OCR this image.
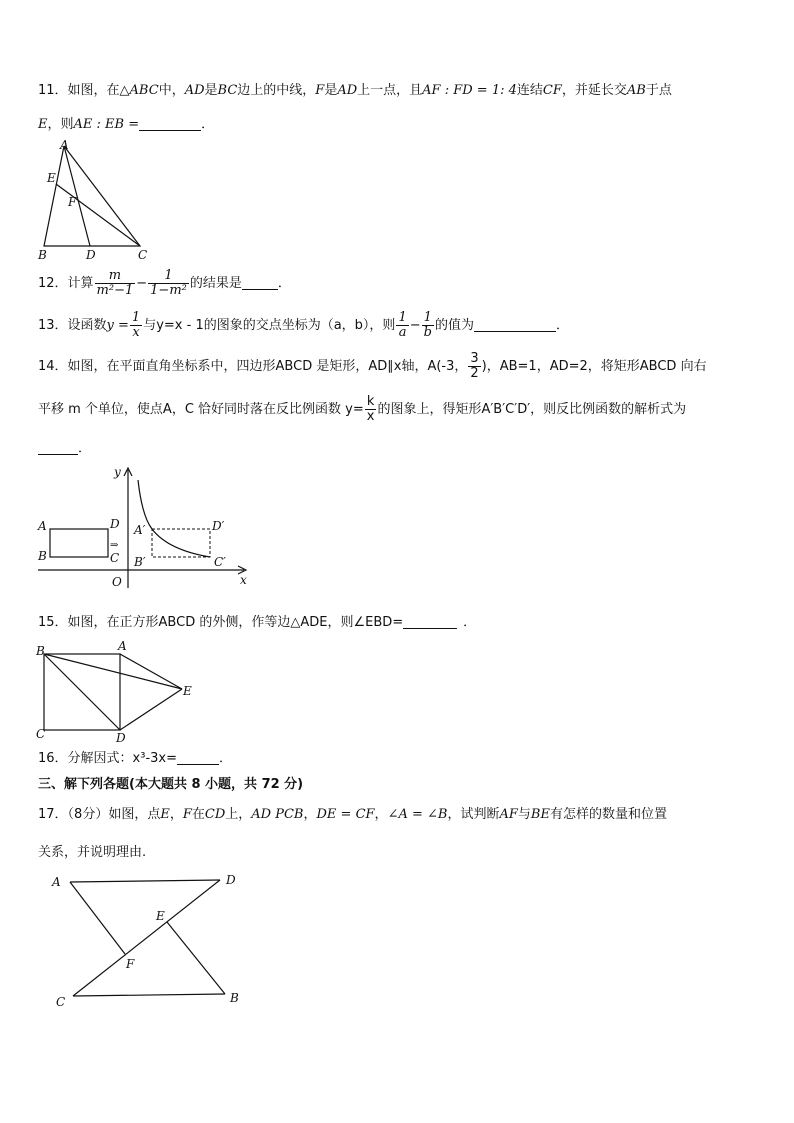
11．如图，在△ABC中，AD是BC边上的中线，F是AD上一点，且AF : FD = 1: 4连结CF，并延长交AB于点
E，则AE : EB =	．
A
E
F
B	D	C
12．计算 $\frac{m}{\text{m²−1}} - \frac{1}{\text{1−m²}}$ 的结果是	．
13．设函数$y = \frac{1}{x}$ 与y=x - 1的图象的交点坐标为（a，b），则 $\frac{1}{a} - \frac{1}{b}$ 的值为	．
14．如图，在平面直角坐标系中，四边形ABCD 是矩形，AD∥x轴，A(-3， $\frac{3}{2}$ )，AB=1，AD=2，将矩形ABCD 向右
平移 m 个单位，使点A，C 恰好同时落在反比例函数 $y= \frac{k}{x}$ 的图象上，得矩形A′B′C′D′，则反比例函数的解析式为
．
y
x
O
A
B
D
C
⇒
A′
B′
D′
C′
15．如图，在正方形ABCD 的外侧，作等边△ADE，则∠EBD=	．
B	A
C	D
E
16．分解因式：x³-3x=	．
三、解下列各题(本大题共 8 小题，共 72 分)
17．（8分）如图，点E，F在CD上，AD PCB，DE = CF，∠A = ∠B，试判断AF与BE有怎样的数量和位置
关系，并说明理由.
A	D
E
F
C	B
